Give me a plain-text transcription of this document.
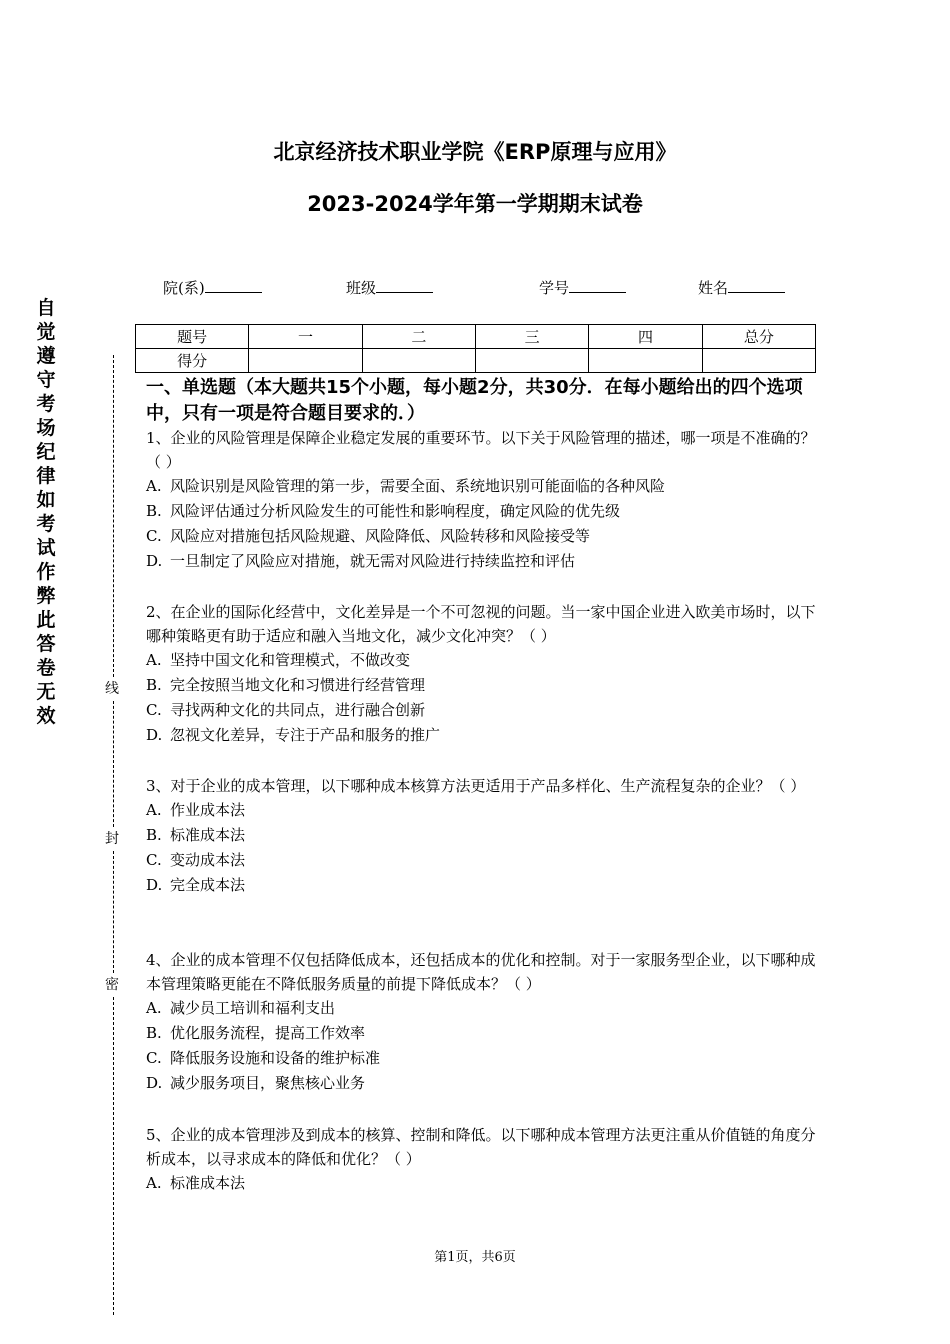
北京经济技术职业学院《ERP原理与应用》
2023-2024学年第一学期期末试卷
院(系)	班级	学号	姓名
题号	一	二	三	四	总分
得分					
自觉遵守考场纪律如考试作弊此答卷无效
线
封
密
一、单选题（本大题共15个小题，每小题2分，共30分．在每小题给出的四个选项中，只有一项是符合题目要求的．）

1、企业的风险管理是保障企业稳定发展的重要环节。以下关于风险管理的描述，哪一项是不准确的？（ ）

A. 风险识别是风险管理的第一步，需要全面、系统地识别可能面临的各种风险

B. 风险评估通过分析风险发生的可能性和影响程度，确定风险的优先级

C. 风险应对措施包括风险规避、风险降低、风险转移和风险接受等

D. 一旦制定了风险应对措施，就无需对风险进行持续监控和评估

2、在企业的国际化经营中，文化差异是一个不可忽视的问题。当一家中国企业进入欧美市场时，以下哪种策略更有助于适应和融入当地文化，减少文化冲突？（ ）

A. 坚持中国文化和管理模式，不做改变

B. 完全按照当地文化和习惯进行经营管理

C. 寻找两种文化的共同点，进行融合创新

D. 忽视文化差异，专注于产品和服务的推广

3、对于企业的成本管理，以下哪种成本核算方法更适用于产品多样化、生产流程复杂的企业？（ ）

A. 作业成本法

B. 标准成本法

C. 变动成本法

D. 完全成本法

4、企业的成本管理不仅包括降低成本，还包括成本的优化和控制。对于一家服务型企业，以下哪种成本管理策略更能在不降低服务质量的前提下降低成本？（ ）

A. 减少员工培训和福利支出

B. 优化服务流程，提高工作效率

C. 降低服务设施和设备的维护标准

D. 减少服务项目，聚焦核心业务

5、企业的成本管理涉及到成本的核算、控制和降低。以下哪种成本管理方法更注重从价值链的角度分析成本，以寻求成本的降低和优化？（ ）

A. 标准成本法

第1页，共6页
